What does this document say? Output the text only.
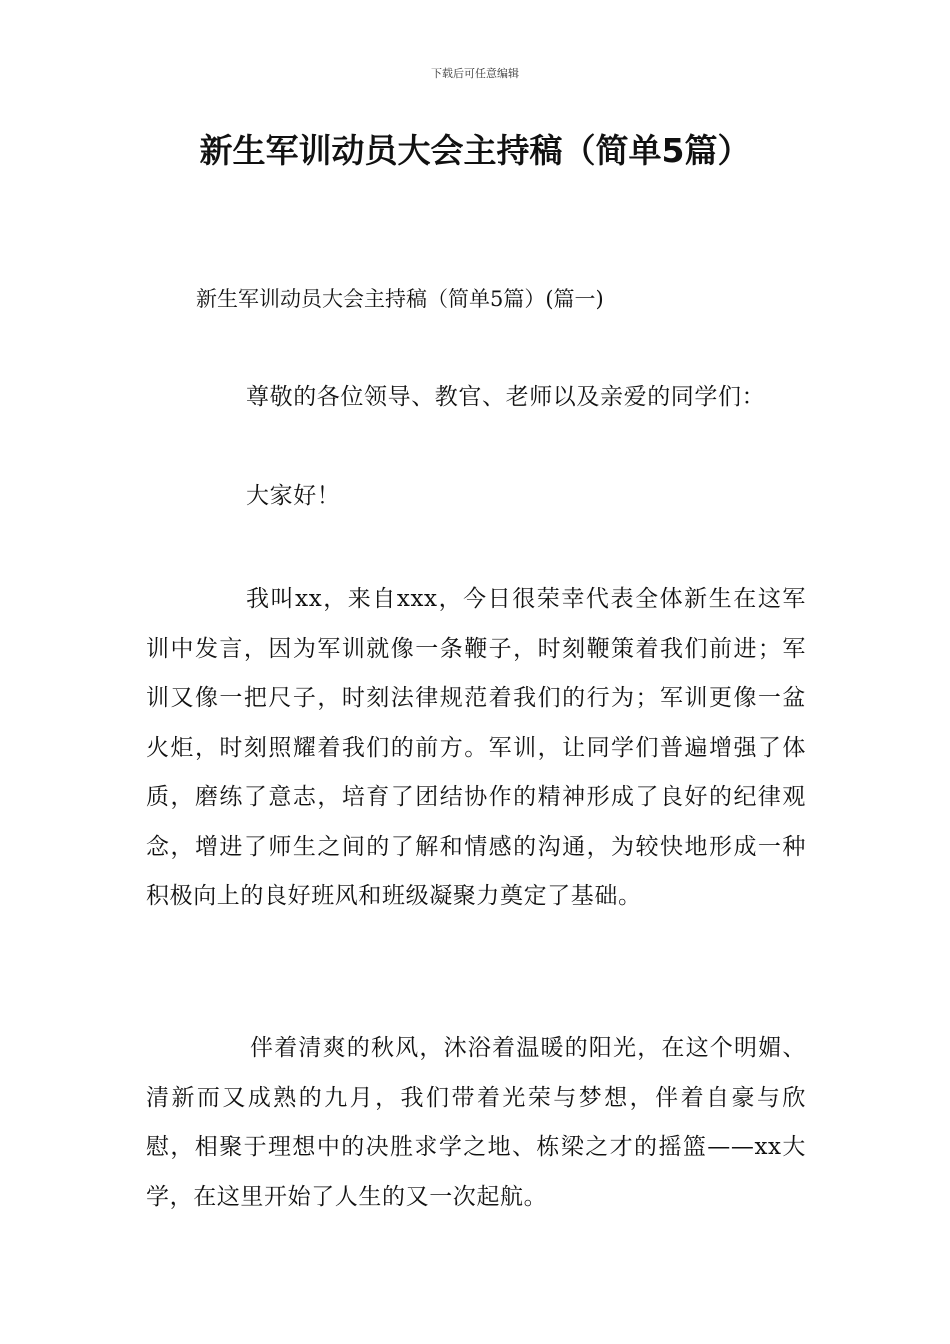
下载后可任意编辑
新生军训动员大会主持稿（简单5篇）
新生军训动员大会主持稿（简单5篇）(篇一)
尊敬的各位领导、教官、老师以及亲爱的同学们：
大家好！
我叫xx，来自xxx，今日很荣幸代表全体新生在这军训中发言，因为军训就像一条鞭子，时刻鞭策着我们前进；军训又像一把尺子，时刻法律规范着我们的行为；军训更像一盆火炬，时刻照耀着我们的前方。军训，让同学们普遍增强了体质，磨练了意志，培育了团结协作的精神形成了良好的纪律观念，增进了师生之间的了解和情感的沟通，为较快地形成一种积极向上的良好班风和班级凝聚力奠定了基础。
伴着清爽的秋风，沐浴着温暖的阳光，在这个明媚、清新而又成熟的九月，我们带着光荣与梦想，伴着自豪与欣慰，相聚于理想中的决胜求学之地、栋梁之才的摇篮——xx大学，在这里开始了人生的又一次起航。
